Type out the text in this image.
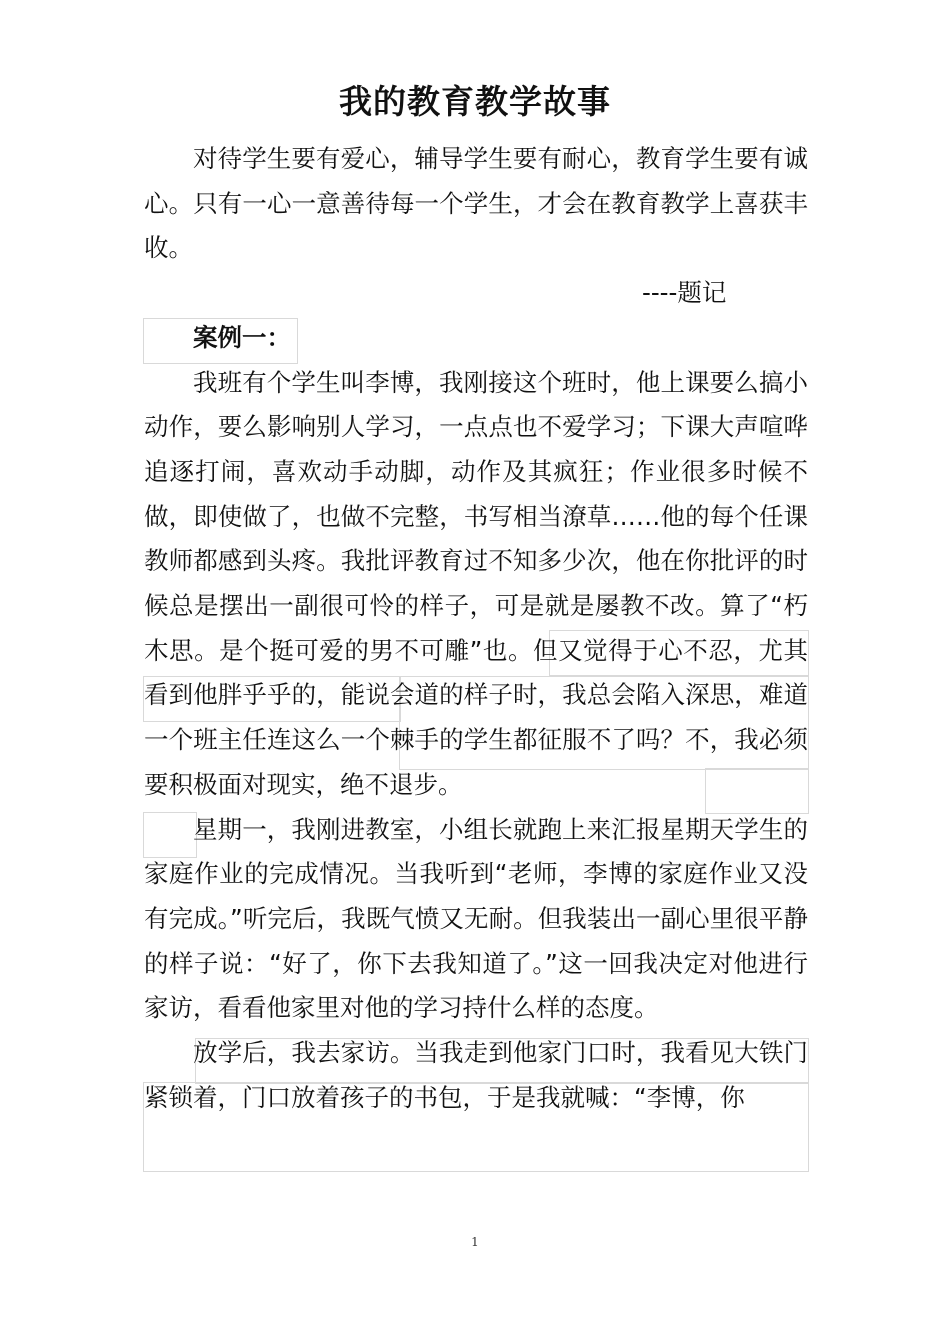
我的教育教学故事

对待学生要有爱心，辅导学生要有耐心，教育学生要有诚心。只有一心一意善待每一个学生，才会在教育教学上喜获丰收。

----题记

案例一：

我班有个学生叫李博，我刚接这个班时，他上课要么搞小动作，要么影响别人学习，一点点也不爱学习；下课大声喧哗追逐打闹，喜欢动手动脚，动作及其疯狂；作业很多时候不做，即使做了，也做不完整，书写相当潦草……他的每个任课教师都感到头疼。我批评教育过不知多少次，他在你批评的时候总是摆出一副很可怜的样子，可是就是屡教不改。算了“朽木思。是个挺可爱的男不可雕”也。但又觉得于心不忍，尤其看到他胖乎乎的，能说会道的样子时，我总会陷入深思，难道一个班主任连这么一个棘手的学生都征服不了吗？不，我必须要积极面对现实，绝不退步。

星期一，我刚进教室，小组长就跑上来汇报星期天学生的家庭作业的完成情况。当我听到“老师，李博的家庭作业又没有完成。”听完后，我既气愤又无耐。但我装出一副心里很平静的样子说：“好了，你下去我知道了。”这一回我决定对他进行家访，看看他家里对他的学习持什么样的态度。

放学后，我去家访。当我走到他家门口时，我看见大铁门紧锁着，门口放着孩子的书包，于是我就喊：“李博，你

1
